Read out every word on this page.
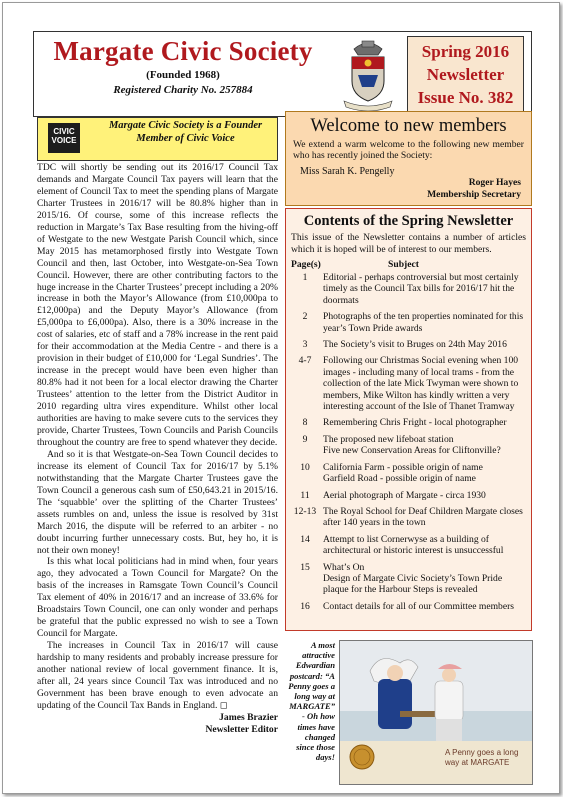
Margate Civic Society
(Founded 1968)
Registered Charity No. 257884
Spring 2016
Newsletter
Issue No. 382
CIVIC
VOICE
Margate Civic Society is a Founder Member of Civic Voice

TDC will shortly be sending out its 2016/17 Council Tax demands and Margate Council Tax payers will learn that the element of Council Tax to meet the spending plans of Margate Charter Trustees in 2016/17 will be 80.8% higher than in 2015/16. Of course, some of this increase reflects the reduction in Margate’s Tax Base resulting from the hiving-off of Westgate to the new Westgate Parish Council which, since May 2015 has metamorphosed firstly into Westgate Town Council and then, last October, into Westgate-on-Sea Town Council. However, there are other contributing factors to the huge increase in the Charter Trustees’ precept including a 20% increase in both the Mayor’s Allowance (from £10,000pa to £12,000pa) and the Deputy Mayor’s Allowance (from £5,000pa to £6,000pa). Also, there is a 30% increase in the cost of salaries, etc of staff and a 78% increase in the rent paid for their accommodation at the Media Centre - and there is a provision in their budget of £10,000 for ‘Legal Sundries’. The increase in the precept would have been even higher than 80.8% had it not been for a local elector drawing the Charter Trustees’ attention to the letter from the District Auditor in 2010 regarding ultra vires expenditure. Whilst other local authorities are having to make severe cuts to the services they provide, Charter Trustees, Town Councils and Parish Councils throughout the country are free to spend whatever they decide.

And so it is that Westgate-on-Sea Town Council decides to increase its element of Council Tax for 2016/17 by 5.1% notwithstanding that the Margate Charter Trustees gave the Town Council a generous cash sum of £50,643.21 in 2015/16. The ‘squabble’ over the splitting of the Charter Trustees’ assets rumbles on and, unless the issue is resolved by 31st March 2016, the dispute will be referred to an arbiter - no doubt incurring further unnecessary costs. But, hey ho, it is not their own money!

Is this what local politicians had in mind when, four years ago, they advocated a Town Council for Margate? On the basis of the increases in Ramsgate Town Council’s Council Tax element of 40% in 2016/17 and an increase of 33.6% for Broadstairs Town Council, one can only wonder and perhaps be grateful that the public expressed no wish to see a Town Council for Margate.

The increases in Council Tax in 2016/17 will cause hardship to many residents and probably increase pressure for another national review of local government finance. It is, after all, 24 years since Council Tax was introduced and no Government has been brave enough to even advocate an updating of the Council Tax Bands in England. ◻

James Brazier
Newsletter Editor
Welcome to new members
We extend a warm welcome to the following new member who has recently joined the Society:
Miss Sarah K. Pengelly
Roger Hayes
Membership Secretary
Contents of the Spring Newsletter
This issue of the Newsletter contains a number of articles which it is hoped will be of interest to our members.
Page(s)	Subject
1	Editorial - perhaps controversial but most certainly timely as the Council Tax bills for 2016/17 hit the doormats
2	Photographs of the ten properties nominated for this year’s Town Pride awards
3	The Society’s visit to Bruges on 24th May 2016
4-7	Following our Christmas Social evening when 100 images - including many of local trams - from the collection of the late Mick Twyman were shown to members, Mike Wilton has kindly written a very interesting account of the Isle of Thanet Tramway
8	Remembering Chris Fright - local photographer
9	The proposed new lifeboat station
Five new Conservation Areas for Cliftonville?
10	California Farm - possible origin of name
Garfield Road - possible origin of name
11	Aerial photograph of Margate - circa 1930
12-13 The Royal School for Deaf Children Margate closes after 140 years in the town
14	Attempt to list Cornerwyse as a building of architectural or historic interest is unsuccessful
15	What’s On
Design of Margate Civic Society’s Town Pride plaque for the Harbour Steps is revealed
16	Contact details for all of our Committee members
A most attractive Edwardian postcard: “A Penny goes a long way at MARGATE” - Oh how times have changed since those days!	A Penny goes a long way at MARGATE
